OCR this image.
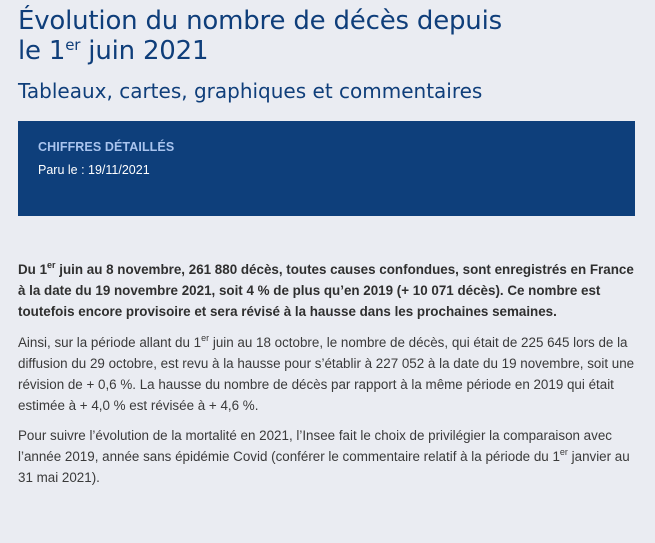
Évolution du nombre de décès depuis
le 1er juin 2021
Tableaux, cartes, graphiques et commentaires
CHIFFRES DÉTAILLÉS
Paru le : 19/11/2021

Du 1er juin au 8 novembre, 261 880 décès, toutes causes confondues, sont enregistrés en France à la date du 19 novembre 2021, soit 4 % de plus qu’en 2019 (+ 10 071 décès). Ce nombre est toutefois encore provisoire et sera révisé à la hausse dans les prochaines semaines.

Ainsi, sur la période allant du 1er juin au 18 octobre, le nombre de décès, qui était de 225 645 lors de la diffusion du 29 octobre, est revu à la hausse pour s’établir à 227 052 à la date du 19 novembre, soit une révision de + 0,6 %. La hausse du nombre de décès par rapport à la même période en 2019 qui était estimée à + 4,0 % est révisée à + 4,6 %.

Pour suivre l’évolution de la mortalité en 2021, l’Insee fait le choix de privilégier la comparaison avec l’année 2019, année sans épidémie Covid (conférer le commentaire relatif à la période du 1er janvier au 31 mai 2021).
